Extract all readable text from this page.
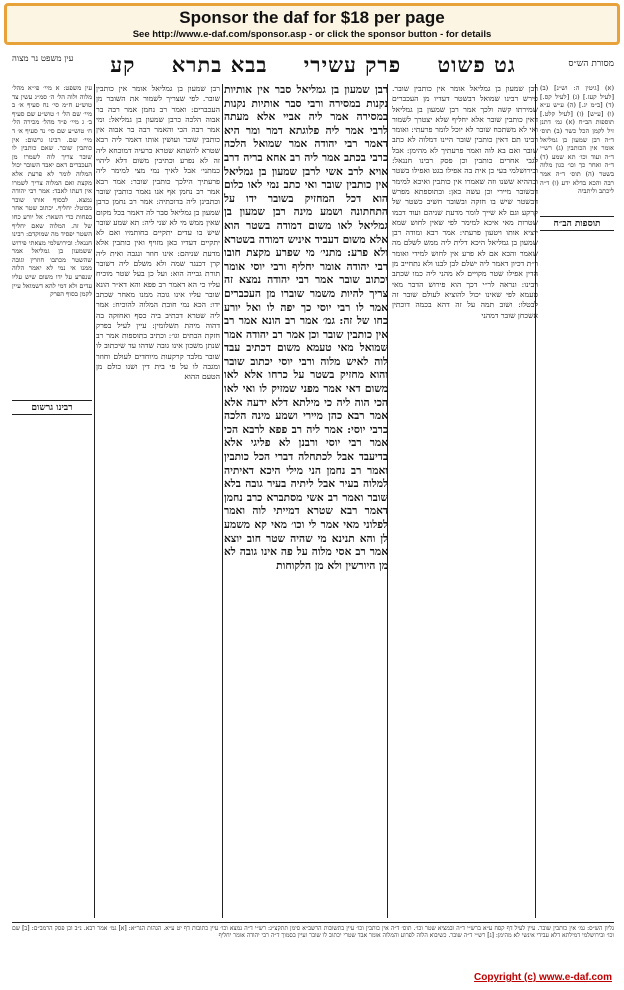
Sponsor the daf for $18 per page
See http://www.e-daf.com/sponsor.asp - or click the sponsor button - for details
מסורת הש״ס
גט פשוט פרק עשירי בבא בתרא קע
עין משפט נר מצוה

(א) [גיטין ה: וש״נ] (ב) [לעיל קעז.] (ג) [לעיל קס.] (ד) [ב״מ יג.] (ה) ע״ש ע״א (ו) [ע״ש] (ז) [לעיל קלט.] תוספות הב״ח (א) גמ׳ דתנן זיל לקמן הכל כשר (ב) תוס׳ ד״ה רבן שמעון בן גמליאל אומר אין הכותבין (ג) רש״י ד״ה ועוד וכו׳ תא שמע (ד) ד״ה ואחר כך וכו׳ כגון מלוה בשטר (ה) תוס׳ ד״ה אמר רבה והכא בדלא ידע (ו) ד״ה ליכתב וליתביה

תוספות הב״ח

רבן שמעון בן גמליאל אומר אין כותבין שובר. פירש רבינו שמואל דבשטר דעדיו מן העכברים שמירתו קשה ולכך אמר רבן שמעון בן גמליאל דאין כותבין שובר אלא יחליף שלא יצטרך לשמור ואי לא משתכח שובר לא יוכל לומר פרעתי: ואומר רבינו תם דאין כותבין שובר היינו דמלוה לא כתב שובר ואם בא לוה ואמר פרעתיך לא מהימן: אבל לגבי אחרים כותבין וכן פסק רבינו חננאל: ובירושלמי בעי כן אית בה אפילו בגט ואפילו בשטר ובההיא ששנו וזה שאמרו אין כותבין ואיכא למימר דבשובר מיירי וכן עשה כאן: ובתוספתא מפרש דבשטר שיש בו חזקה ובשובר חשיב כשטר של קרקע וגם לא שייך לומר מדעת שניהם ועוד דכמו שטרות מאי איכא למימר לפי שאין לחוש שמא יוציא אותו ויטעון פרעתי: אמר רבא ומודה רבן שמעון בן גמליאל היכא דלית ליה ממש לשלם מה שאמר והכא אם לא פרע אין לחוש למידי ואומר ר״ת דכיון דאמר ליה ישלם לבן לבנו ולא נתחייב מן הדין אפילו שטר מקויים לא מהני ליה כמו שכתב רבינו: ונראה לר״י דכך הוא פירוש הדבר מאי טעמא לפי שאינו יכול להוציא לעולם שובר זה לבטלו: ושוב תמה על זה דהא בכמה דוכתין אשכחן שובר דמהני

רבן שמעון בן גמליאל סבר אין אותיות נקנות במסירה ורבי סבר אותיות נקנות במסירה אמר ליה אביי אלא מעתה לרבי אמר ליה פלוגתא דמר ומר היא דאמר רבי יהודה אמר שמואל הלכה כרבי בכתב אמר ליה רב אחא בריה דרב אויא לרב אשי לרבן שמעון בן גמליאל אין כותבין שובר ואי כתב נמי לאו כלום הוא דכל המחזיק בשובר ידו על התחתונה ושמע מינה רבן שמעון בן גמליאל לאו משום דמודה בשטר הוא אלא משום דעביד איניש דמודה בשטרא ולא פרע: מתני׳ מי שפרע מקצת חובו רבי יהודה אומר יחליף ורבי יוסי אומר יכתוב שובר אמר רבי יהודה נמצא זה צריך להיות משמר שוברו מן העכברים אמר לו רבי יוסי כך יפה לו ואל יורע כחו של זה: גמ׳ אמר רב הונא אמר רב אין כותבין שובר וכן אמר רב יהודה אמר שמואל מאי טעמא משום דכתיב עבד לוה לאיש מלוה ורבי יוסי יכתוב שובר והוא מחזיק בשטר על כרחו אלא לאו משום דאי אמר מפני שמזיק לו ואי לאו הכי הוה ליה כי מילתא דלא ידעה אלא אמר רבא כהן מיירי ושמע מינה הלכה כרבי יוסי: אמר ליה רב פפא לרבא הכי אמר רבי יוסי ורבנן לא פליגי אלא בדיעבד אבל לכתחלה דברי הכל כותבין ואמר רב נחמן הני מילי היכא דאיתיה למלוה בעיר אבל ליתיה בעיר גובה בלא שובר ואמר רב אשי מסתברא כרב נחמן דאמר רבא שטרא דמייתי לוה ואמר לפלוני מאי אמר לי וכו׳ מאי קא משמע לן והא תנינא מי שהיה שטר חוב יוצא אמר רב אסי מלוה על פה אינו גובה לא מן היורשין ולא מן הלקוחות

רבן שמעון בן גמליאל אומר אין כותבין שובר. לפי שצריך לשמור את השובר מן העכברים: ואמר רב נחמן אמר רבה בר אבוה הלכה כרבן שמעון בן גמליאל: ומי אמר רבה הכי והאמר רבה בר אבוה אין כותבין שובר ועושין אותו דאמר ליה רבא שטרא להשתא שטרא כרעיה דמוכחא ליה זה לא נפרע וכתיבין משום דלא ליהוי כמתני׳ אבל לאיך נמי מצי למימר ליה פרעתיך הילכך כותבין שובר: אמר רבא אמר רב נחמן אף אנו נאמר כותבין שובר וכתבינן ליה בדוכתיה: אמר רב נחמן כרבן שמעון בן גמליאל סבר לה דאמר בכל מקום שאין ממש מי לא שני ליה: תא שמע שובר שיש בו עדים יתקיים בחותמיו ואם לא יתקיים דעדיו כאן מזויף ואין כותבין אלא מדעת שניהם: אינו חוזר ונגבה ואית ליה קרן דכנגד שמה ולא משלם ליה דשובר תורת גבייה הוא: ועל כן בעל שטר מוכיח עליו כי הא דאמר רב פפא והא דא״ר הונא שובר עליו אינו גובה ממנו מאחר שכתב ידו: הכא נמי חובת המלוה להוכיח: אמר ליה שטרא דכתיב ביה כסף ואחזקה בה דהוה מיהת תשלומין: עיין לעיל בפרק חזקת הבתים וגו׳: וכתיב בתוספות אמר רב שנתן משכון אינו גובה שדהו עד שיכתוב לו שובר מלבד קרקעות מיוחדים לעולם וחוזר ומגבה לו על פי בית דין ושנו כולם מן הטעם ההוא

עין משפט: א מיי׳ פי״א מהל׳ מלוה ולוה הל׳ ה׳ סמ״ג עשין צד טוש״ע ח״מ סי׳ נח סעיף א׳ ב מיי׳ שם הל׳ ו׳ טוש״ע שם סעיף ב׳ ג מיי׳ פ״ד מהל׳ מכירה הל׳ ח׳ טוש״ע שם סי׳ נד סעיף א׳ ד מיי׳ שם. רבינו גרשום: אין כותבין שובר. שאם כותבין לו שובר צריך לוה לשמרו מן העכברים דאם יאבד השובר יכול המלוה לומר לא פרעת אלא מקצת ואם המלוה צריך לשמרו אין דעתו לאבד: אמר רבי יהודה נמצא. לבסוף אותו שובר מבוטל: יחליף. יכתוב שטר אחר בפחות כדי השאר: אל יורע כחו של זה. המלוה שאם יחליף השטר יפסיד מה שמוקדם: רבינו חננאל: ובירושלמי מצאתי פירוש ששמעון בן גמליאל אמר שהשטר מכתבו חוזרין וגובה ממנו אי נמי לא יאמר הלוה שנפרע על ידו משום שיש עליו עדים ולא דמי להא דשמואל עיין לקמן בסוף הפרק

רבינו גרשום

גליון הש״ס: גמ׳ אין כותבין שובר. עיין לעיל דף קסח ע״א ברש״י ד״ה ובמציא שטר וכו׳. תוס׳ ד״ה אין כותבין וכו׳ עיין בתשובות הרשב״א סימן תתקצ״ג: רש״י ד״ה נמצא וכו׳ עיין כתובות דף יט ע״א. הגהות הגר״א: [א] גמ׳ אמר רבא. נ״ב וכן פסק הרמב״ם: [ב] שם וכו׳ ובירושלמי דמילתא דלא עבידי אינשי לא מהימן: [ג] רש״י ד״ה שובר. כשיבוא הלוה לפרוע והמלוה אומר אבד שטרי יכתוב לו שובר ועיין בסמוך ד״ה רבי יהודה אומר יחליף

Copyright (c) www.e-daf.com
